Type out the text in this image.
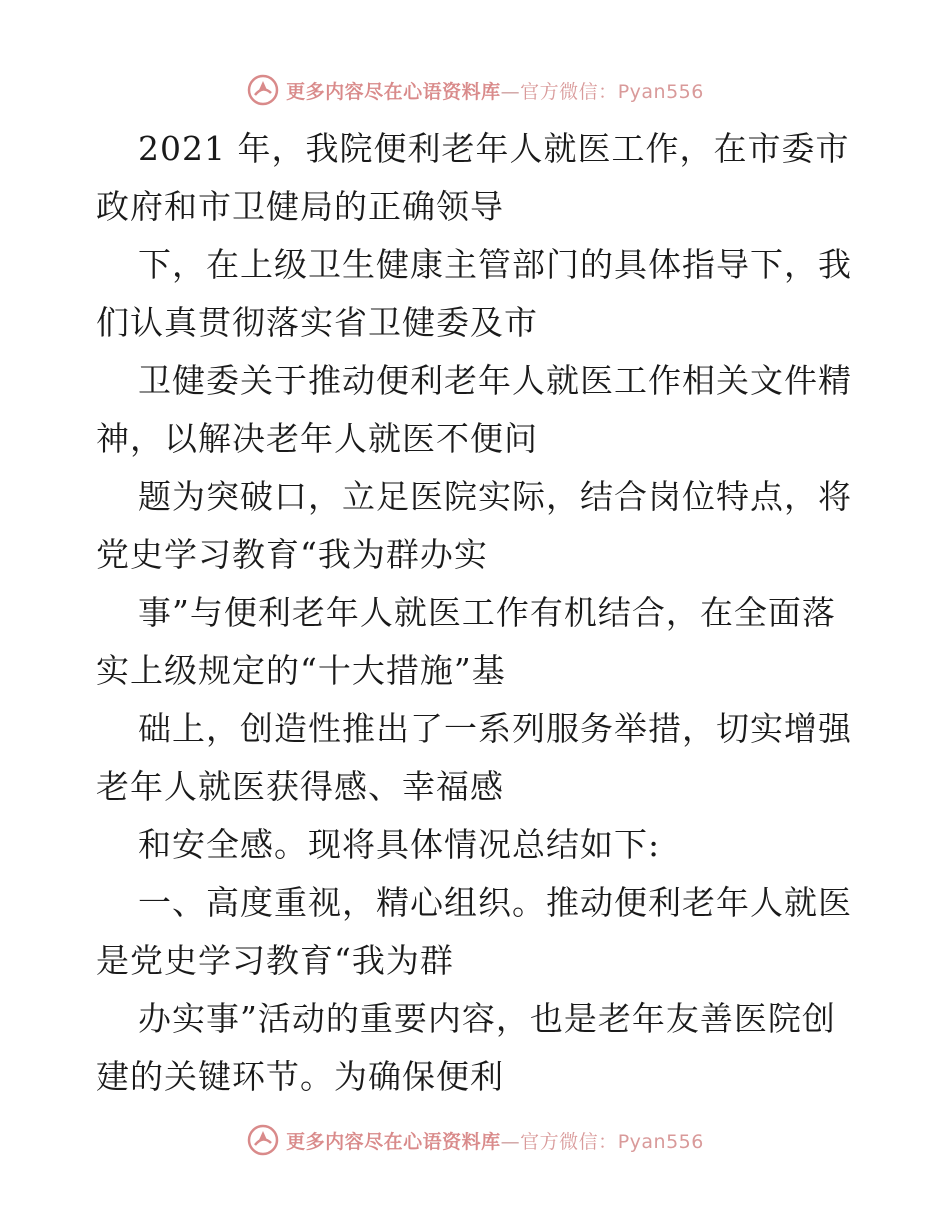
更多内容尽在心语资料库—官方微信：Pyan556
2021 年，我院便利老年人就医工作，在市委市
政府和市卫健局的正确领导
下，在上级卫生健康主管部门的具体指导下，我
们认真贯彻落实省卫健委及市
卫健委关于推动便利老年人就医工作相关文件精
神，以解决老年人就医不便问
题为突破口，立足医院实际，结合岗位特点，将
党史学习教育“我为群办实
事”与便利老年人就医工作有机结合，在全面落
实上级规定的“十大措施”基
础上，创造性推出了一系列服务举措，切实增强
老年人就医获得感、幸福感
和安全感。现将具体情况总结如下:
一、高度重视，精心组织。推动便利老年人就医
是党史学习教育“我为群
办实事”活动的重要内容，也是老年友善医院创
建的关键环节。为确保便利
更多内容尽在心语资料库—官方微信：Pyan556
